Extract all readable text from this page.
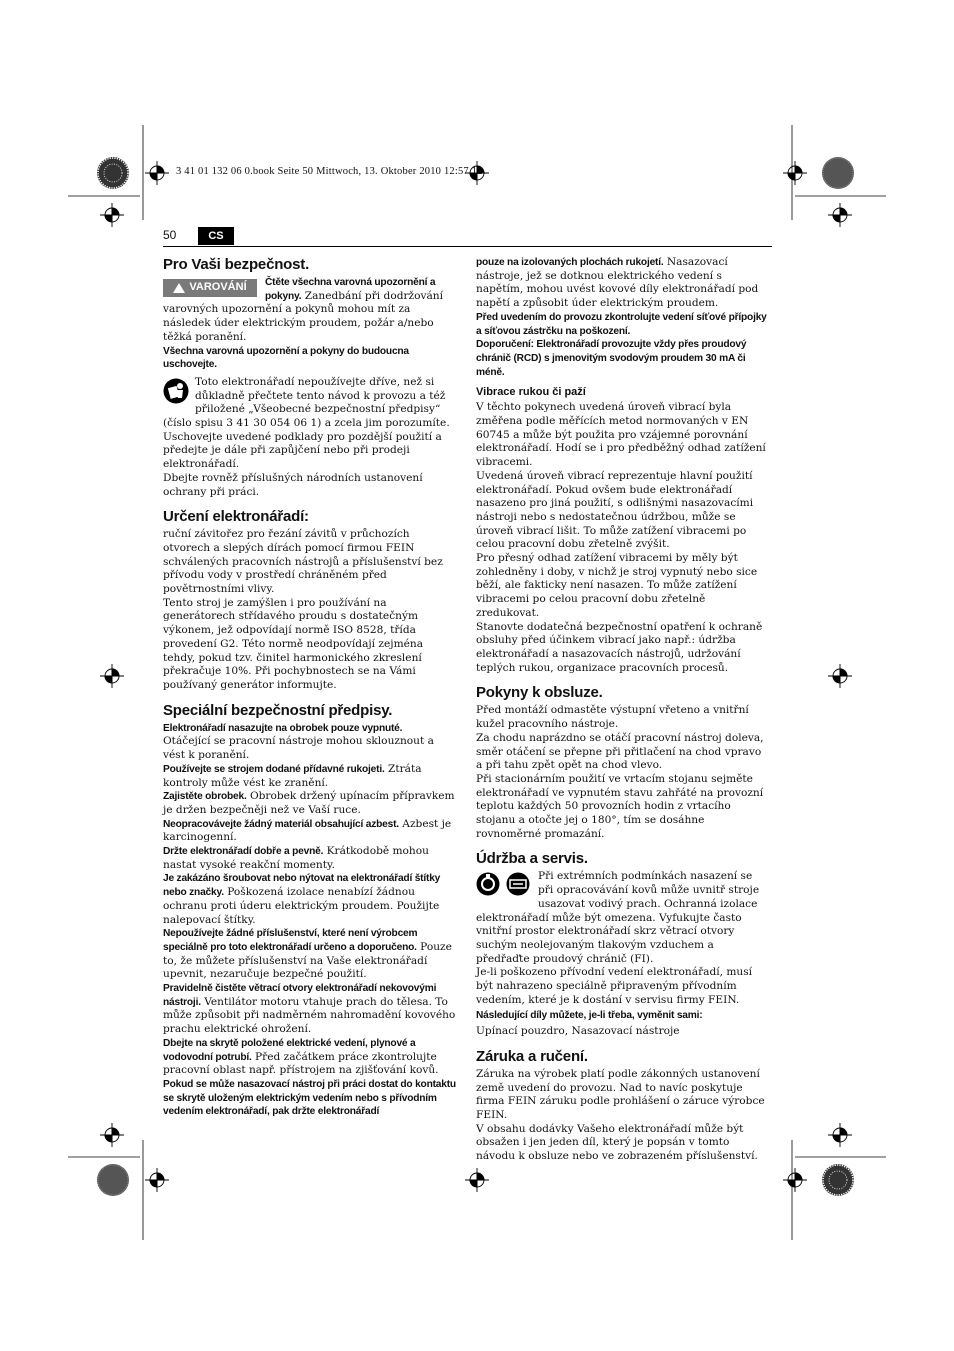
3 41 01 132 06 0.book Seite 50 Mittwoch, 13. Oktober 2010 12:57 12
50	CS
Pro Vaši bezpečnost.

VAROVÁNÍ Čtěte všechna varovná upozornění a pokyny. Zanedbání při dodržování varovných upozornění a pokynů mohou mít za následek úder elektrickým proudem, požár a/nebo těžká poranění.

Všechna varovná upozornění a pokyny do budoucna uschovejte.

Toto elektronářadí nepoužívejte dříve, než si důkladně přečtete tento návod k provozu a též přiložené „Všeobecné bezpečnostní předpisy“ (číslo spisu 3 41 30 054 06 1) a zcela jim porozumíte. Uschovejte uvedené podklady pro pozdější použití a předejte je dále při zapůjčení nebo při prodeji elektronářadí.

Dbejte rovněž příslušných národních ustanovení ochrany při práci.

Určení elektronářadí:

ruční závitořez pro řezání závitů v průchozích otvorech a slepých dírách pomocí firmou FEIN schválených pracovních nástrojů a příslušenství bez přívodu vody v prostředí chráněném před povětrnostními vlivy.

Tento stroj je zamýšlen i pro používání na generátorech střídavého proudu s dostatečným výkonem, jež odpovídají normě ISO 8528, třída provedení G2. Této normě neodpovídají zejména tehdy, pokud tzv. činitel harmonického zkreslení překračuje 10%. Při pochybnostech se na Vámi používaný generátor informujte.

Speciální bezpečnostní předpisy.

Elektronářadí nasazujte na obrobek pouze vypnuté.

Otáčející se pracovní nástroje mohou sklouznout a vést k poranění.

Používejte se strojem dodané přídavné rukojeti. Ztráta kontroly může vést ke zranění.

Zajistěte obrobek. Obrobek držený upínacím přípravkem je držen bezpečněji než ve Vaší ruce.

Neopracovávejte žádný materiál obsahující azbest. Azbest je karcinogenní.

Držte elektronářadí dobře a pevně. Krátkodobě mohou nastat vysoké reakční momenty.

Je zakázáno šroubovat nebo nýtovat na elektronářadí štítky nebo značky. Poškozená izolace nenabízí žádnou ochranu proti úderu elektrickým proudem. Použijte nalepovací štítky.

Nepoužívejte žádné příslušenství, které není výrobcem speciálně pro toto elektronářadí určeno a doporučeno. Pouze to, že můžete příslušenství na Vaše elektronářadí upevnit, nezaručuje bezpečné použití.

Pravidelně čistěte větrací otvory elektronářadí nekovovými nástroji. Ventilátor motoru vtahuje prach do tělesa. To může způsobit při nadměrném nahromadění kovového prachu elektrické ohrožení.

Dbejte na skrytě položené elektrické vedení, plynové a vodovodní potrubí. Před začátkem práce zkontrolujte pracovní oblast např. přístrojem na zjišťování kovů.

Pokud se může nasazovací nástroj při práci dostat do kontaktu se skrytě uloženým elektrickým vedením nebo s přívodním vedením elektronářadí, pak držte elektronářadí

pouze na izolovaných plochách rukojetí. Nasazovací nástroje, jež se dotknou elektrického vedení s napětím, mohou uvést kovové díly elektronářadí pod napětí a způsobit úder elektrickým proudem.

Před uvedením do provozu zkontrolujte vedení síťové přípojky a síťovou zástrčku na poškození.

Doporučení: Elektronářadí provozujte vždy přes proudový chránič (RCD) s jmenovitým svodovým proudem 30 mA či méně.

Vibrace rukou či paží

V těchto pokynech uvedená úroveň vibrací byla změřena podle měřících metod normovaných v EN 60745 a může být použita pro vzájemné porovnání elektronářadí. Hodí se i pro předběžný odhad zatížení vibracemi.

Uvedená úroveň vibrací reprezentuje hlavní použití elektronářadí. Pokud ovšem bude elektronářadí nasazeno pro jiná použití, s odlišnými nasazovacími nástroji nebo s nedostatečnou údržbou, může se úroveň vibrací lišit. To může zatížení vibracemi po celou pracovní dobu zřetelně zvýšit.

Pro přesný odhad zatížení vibracemi by měly být zohledněny i doby, v nichž je stroj vypnutý nebo sice běží, ale fakticky není nasazen. To může zatížení vibracemi po celou pracovní dobu zřetelně zredukovat.

Stanovte dodatečná bezpečnostní opatření k ochraně obsluhy před účinkem vibrací jako např.: údržba elektronářadí a nasazovacích nástrojů, udržování teplých rukou, organizace pracovních procesů.

Pokyny k obsluze.

Před montáží odmastěte výstupní vřeteno a vnitřní kužel pracovního nástroje.

Za chodu naprázdno se otáčí pracovní nástroj doleva, směr otáčení se přepne při přitlačení na chod vpravo a při tahu zpět opět na chod vlevo.

Při stacionárním použití ve vrtacím stojanu sejměte elektronářadí ve vypnutém stavu zahřáté na provozní teplotu každých 50 provozních hodin z vrtacího stojanu a otočte jej o 180°, tím se dosáhne rovnoměrné promazání.

Údržba a servis.

Při extrémních podmínkách nasazení se při opracovávání kovů může uvnitř stroje usazovat vodivý prach. Ochranná izolace elektronářadí může být omezena. Vyfukujte často vnitřní prostor elektronářadí skrz větrací otvory suchým neolejovaným tlakovým vzduchem a předřaďte proudový chránič (FI).

Je-li poškozeno přívodní vedení elektronářadí, musí být nahrazeno speciálně připraveným přívodním vedením, které je k dostání v servisu firmy FEIN.

Následující díly můžete, je-li třeba, vyměnit sami:

Upínací pouzdro, Nasazovací nástroje

Záruka a ručení.

Záruka na výrobek platí podle zákonných ustanovení země uvedení do provozu. Nad to navíc poskytuje firma FEIN záruku podle prohlášení o záruce výrobce FEIN.

V obsahu dodávky Vašeho elektronářadí může být obsažen i jen jeden díl, který je popsán v tomto návodu k obsluze nebo ve zobrazeném příslušenství.
